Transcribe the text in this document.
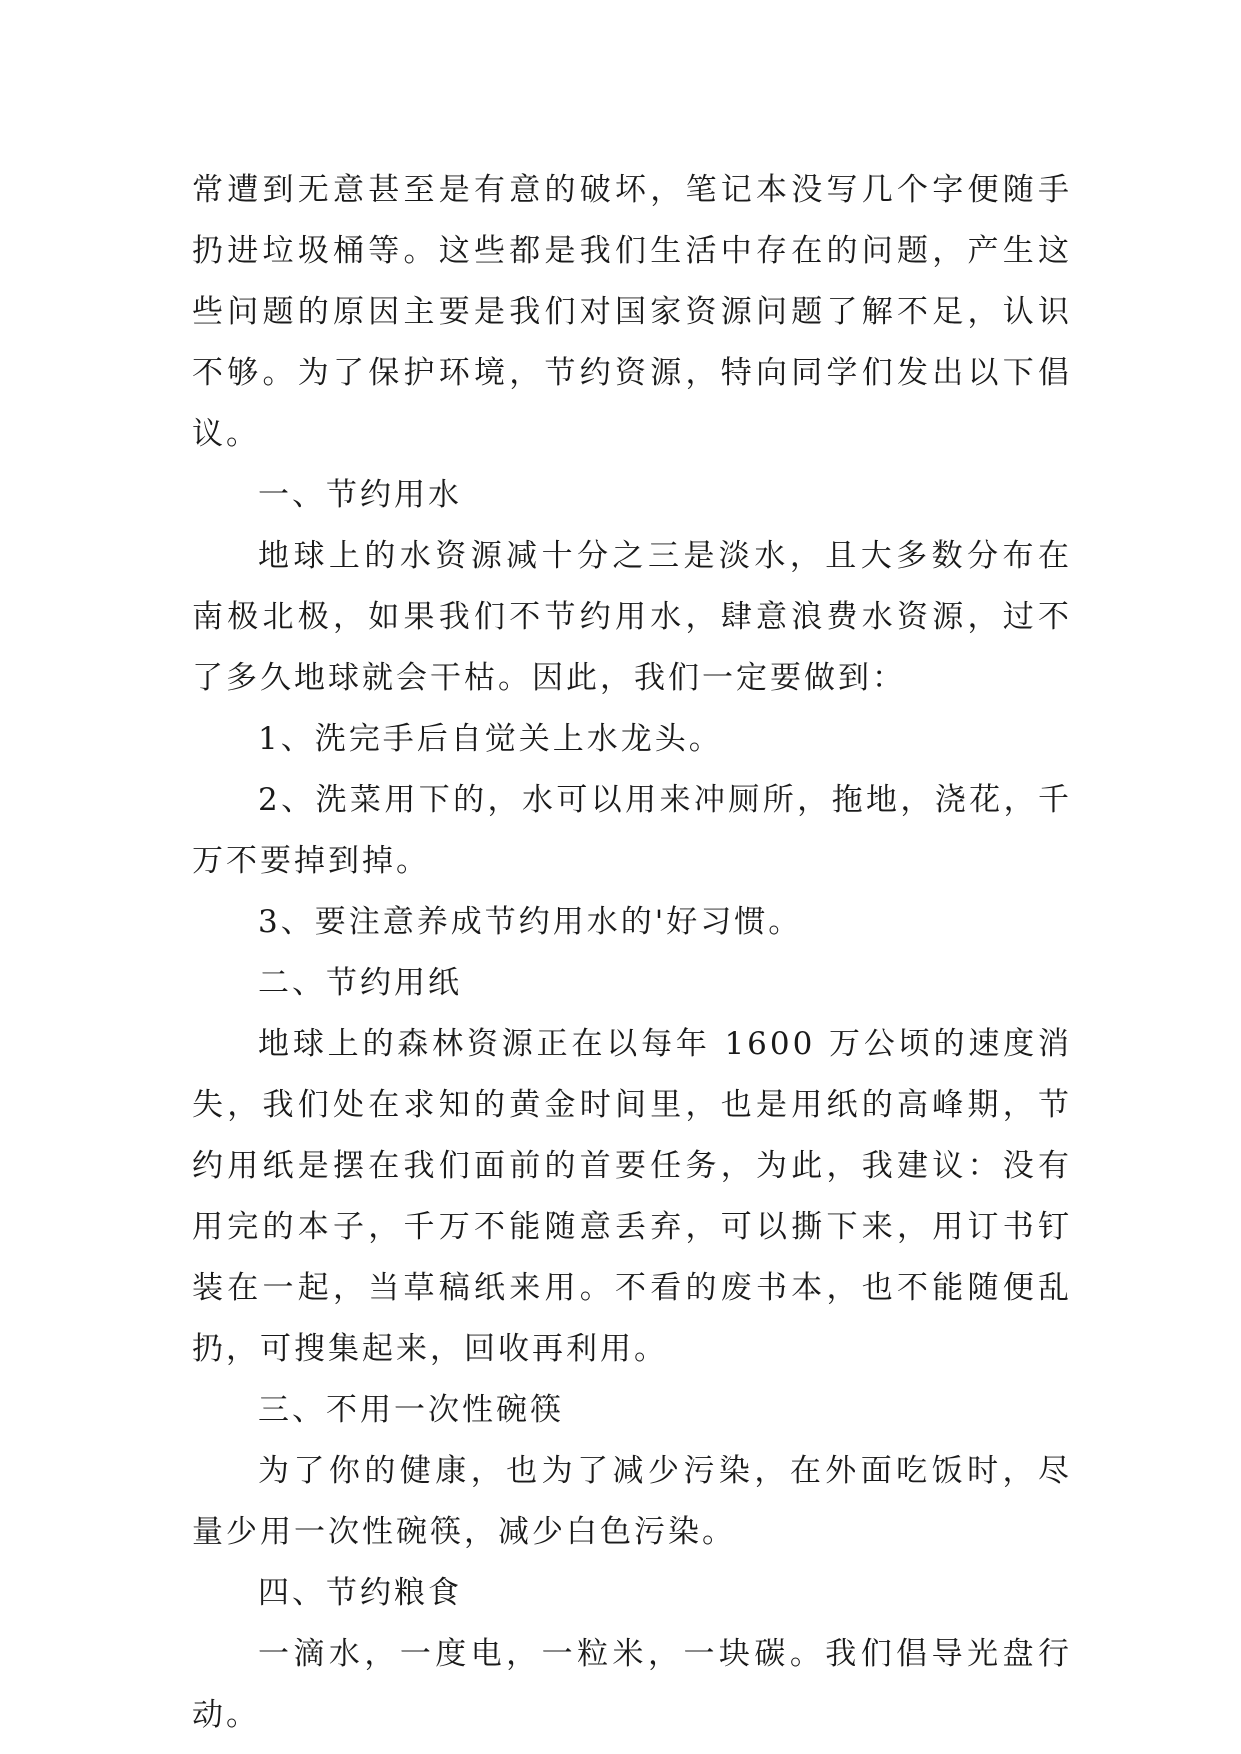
常遭到无意甚至是有意的破坏，笔记本没写几个字便随手扔进垃圾桶等。这些都是我们生活中存在的问题，产生这些问题的原因主要是我们对国家资源问题了解不足，认识不够。为了保护环境，节约资源，特向同学们发出以下倡议。

一、节约用水

地球上的水资源减十分之三是淡水，且大多数分布在南极北极，如果我们不节约用水，肆意浪费水资源，过不了多久地球就会干枯。因此，我们一定要做到：

1、洗完手后自觉关上水龙头。

2、洗菜用下的，水可以用来冲厕所，拖地，浇花，千万不要掉到掉。

3、要注意养成节约用水的'好习惯。

二、节约用纸

地球上的森林资源正在以每年 1600 万公顷的速度消失，我们处在求知的黄金时间里，也是用纸的高峰期，节约用纸是摆在我们面前的首要任务，为此，我建议：没有用完的本子，千万不能随意丢弃，可以撕下来，用订书钉装在一起，当草稿纸来用。不看的废书本，也不能随便乱扔，可搜集起来，回收再利用。

三、不用一次性碗筷

为了你的健康，也为了减少污染，在外面吃饭时，尽量少用一次性碗筷，减少白色污染。

四、节约粮食

一滴水，一度电，一粒米，一块碳。我们倡导光盘行动。
